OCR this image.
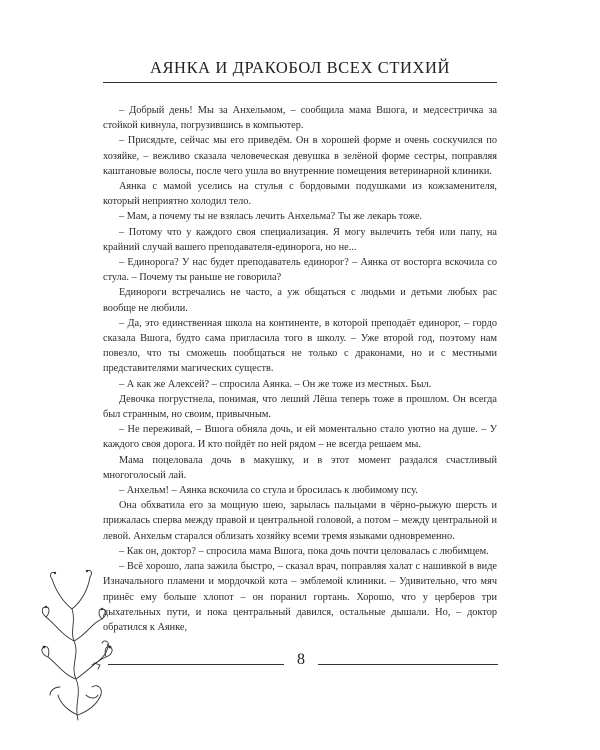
АЯНКА И ДРАКОБОЛ ВСЕХ СТИХИЙ

– Добрый день! Мы за Анхельмом, – сообщила мама Вшога, и медсестричка за стойкой кивнула, погрузившись в компьютер.

– Присядьте, сейчас мы его приведём. Он в хорошей форме и очень соскучился по хозяйке, – вежливо сказала человеческая девушка в зелёной форме сестры, поправляя каштановые волосы, после чего ушла во внутренние помещения ветеринарной клиники.

Аянка с мамой уселись на стулья с бордовыми подушками из кожзаменителя, который неприятно холодил тело.

– Мам, а почему ты не взялась лечить Анхельма? Ты же лекарь тоже.

– Потому что у каждого своя специализация. Я могу вылечить тебя или папу, на крайний случай вашего преподавателя-единорога, но не...

– Единорога? У нас будет преподаватель единорог? – Аянка от восторга вскочила со стула. – Почему ты раньше не говорила?

Единороги встречались не часто, а уж общаться с людьми и детьми любых рас вообще не любили.

– Да, это единственная школа на континенте, в которой преподаёт единорог, – гордо сказала Вшога, будто сама пригласила того в школу. – Уже второй год, поэтому нам повезло, что ты сможешь пообщаться не только с драконами, но и с местными представителями магических существ.

– А как же Алексей? – спросила Аянка. – Он же тоже из местных. Был.

Девочка погрустнела, понимая, что леший Лёша теперь тоже в прошлом. Он всегда был странным, но своим, привычным.

– Не переживай, – Вшога обняла дочь, и ей моментально стало уютно на душе. – У каждого своя дорога. И кто пойдёт по ней рядом – не всегда решаем мы.

Мама поцеловала дочь в макушку, и в этот момент раздался счастливый многоголосый лай.

– Анхельм! – Аянка вскочила со стула и бросилась к любимому псу.

Она обхватила его за мощную шею, зарылась пальцами в чёрно-рыжую шерсть и прижалась сперва между правой и центральной головой, а потом – между центральной и левой. Анхельм старался облизать хозяйку всеми тремя языками одновременно.

– Как он, доктор? – спросила мама Вшога, пока дочь почти целовалась с любимцем.

– Всё хорошо, лапа зажила быстро, – сказал врач, поправляя халат с нашивкой в виде Изначального пламени и мордочкой кота – эмблемой клиники. – Удивительно, что мяч принёс ему больше хлопот – он поранил гортань. Хорошо, что у церберов три дыхательных пути, и пока центральный давился, остальные дышали. Но, – доктор обратился к Аянке,

8
